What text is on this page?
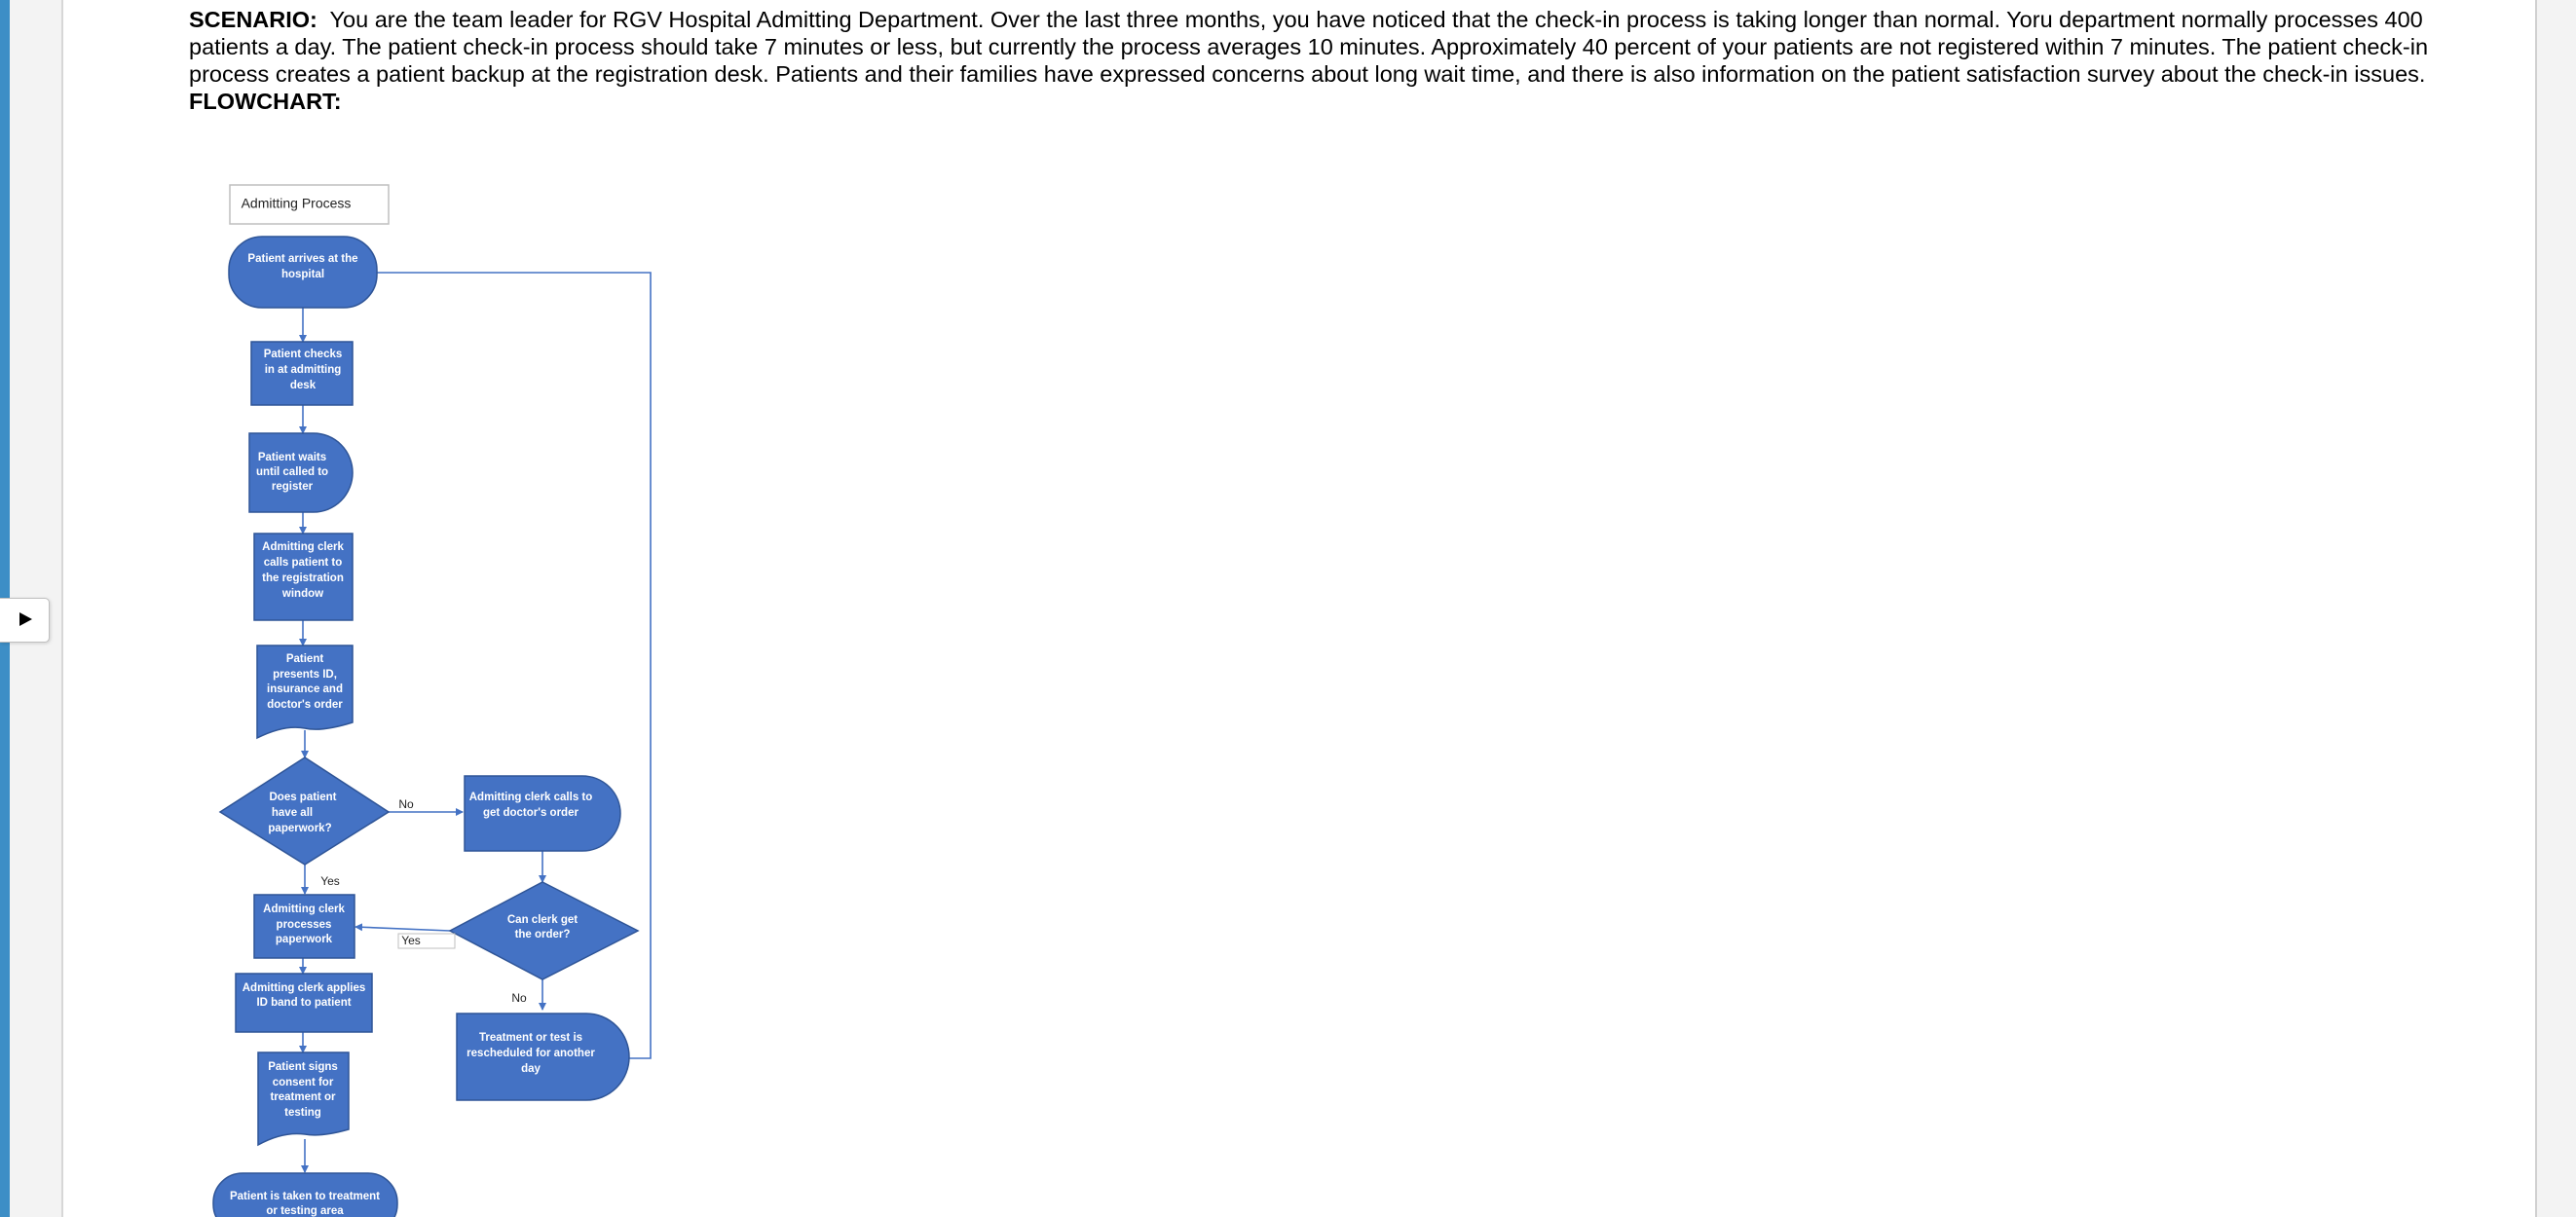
SCENARIO: You are the team leader for RGV Hospital Admitting Department. Over the last three months, you have noticed that the check-in process is taking longer than normal. Yoru department normally processes 400 patients a day. The patient check-in process should take 7 minutes or less, but currently the process averages 10 minutes. Approximately 40 percent of your patients are not registered within 7 minutes. The patient check-in process creates a patient backup at the registration desk. Patients and their families have expressed concerns about long wait time, and there is also information on the patient satisfaction survey about the check-in issues.

FLOWCHART:

Admitting Process
Patient arrives at the
hospital
Patient checks
in at admitting
desk
Patient waits
until called to
register
Admitting clerk
calls patient to
the registration
window
Patient
presents ID,
insurance and
doctor's order
Does patient
have all
paperwork?
Admitting clerk
processes
paperwork
Admitting clerk applies
ID band to patient
Patient signs
consent for
treatment or
testing
Patient is taken to treatment
or testing area
Admitting clerk calls to
get doctor's order
Can clerk get
the order?
Treatment or test is
rescheduled for another
day
No
Yes
Yes
No
